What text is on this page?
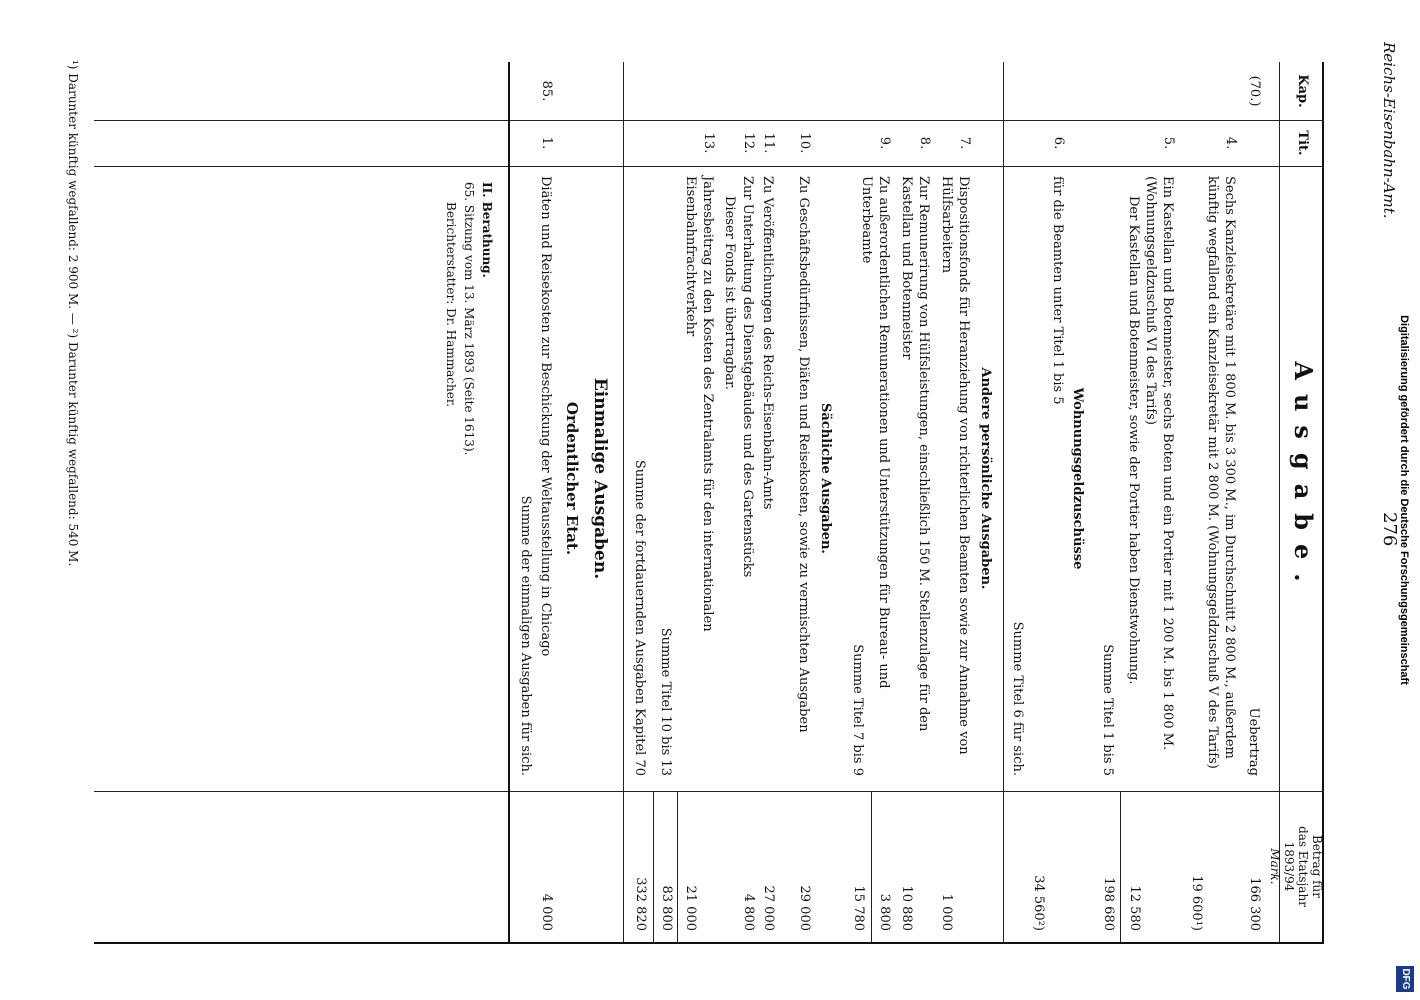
Reichs-Eisenbahn-Amt.
276
Kap.
Tit.
Ausgabe.
Betrag für
das Etatsjahr
1893/94
Mark.
(70.)
Uebertrag
166 300
4.
Sechs Kanzleisekretäre mit 1 800 M. bis 3 300 M., im Durchschnitt 2 800 M., außerdem künftig wegfallend ein Kanzleisekretär mit 2 800 M. (Wohnungsgeldzuschuß V des Tarifs)
19 600¹)
5.
Ein Kastellan und Botenmeister, sechs Boten und ein Portier mit 1 200 M. bis 1 800 M. (Wohnungsgeldzuschuß VI des Tarifs)
Der Kastellan und Botenmeister, sowie der Portier haben Dienstwohnung.
12 580
Summe Titel 1 bis 5
198 680
Wohnungsgeldzuschüsse
6.
für die Beamten unter Titel 1 bis 5
34 560²)
Summe Titel 6 für sich.
Andere persönliche Ausgaben.
7.
Dispositionsfonds für Heranziehung von richterlichen Beamten sowie zur Annahme von Hülfsarbeitern
1 000
8.
Zur Remunerirung von Hülfsleistungen, einschließlich 150 M. Stellenzulage für den Kastellan und Botenmeister
10 880
9.
Zu außerordentlichen Remunerationen und Unterstützungen für Bureau- und Unterbeamte
3 800
Summe Titel 7 bis 9
15 780
Sächliche Ausgaben.
10.
Zu Geschäftsbedürfnissen, Diäten und Reisekosten, sowie zu vermischten Ausgaben
29 000
11.
Zu Veröffentlichungen des Reichs-Eisenbahn-Amts
27 000
12.
Zur Unterhaltung des Dienstgebäudes und des Gartenstücks
Dieser Fonds ist übertragbar.
4 800
13.
Jahresbeitrag zu den Kosten des Zentralamts für den internationalen Eisenbahnfrachtverkehr
21 000
Summe Titel 10 bis 13
83 800
Summe der fortdauernden Ausgaben Kapitel 70
332 820
Einmalige Ausgaben.
Ordentlicher Etat.
85.
1.
Diäten und Reisekosten zur Beschickung der Weltausstellung in Chicago
4 000
Summe der einmaligen Ausgaben für sich.
II. Berathung.
65. Sitzung vom 13. März 1893 (Seite 1613).
Berichterstatter: Dr. Hammacher.
¹) Darunter künftig wegfallend: 2 900 M. — ²) Darunter künftig wegfallend: 540 M.	Digitalisierung gefördert durch die Deutsche Forschungsgemeinschaft
DFG
